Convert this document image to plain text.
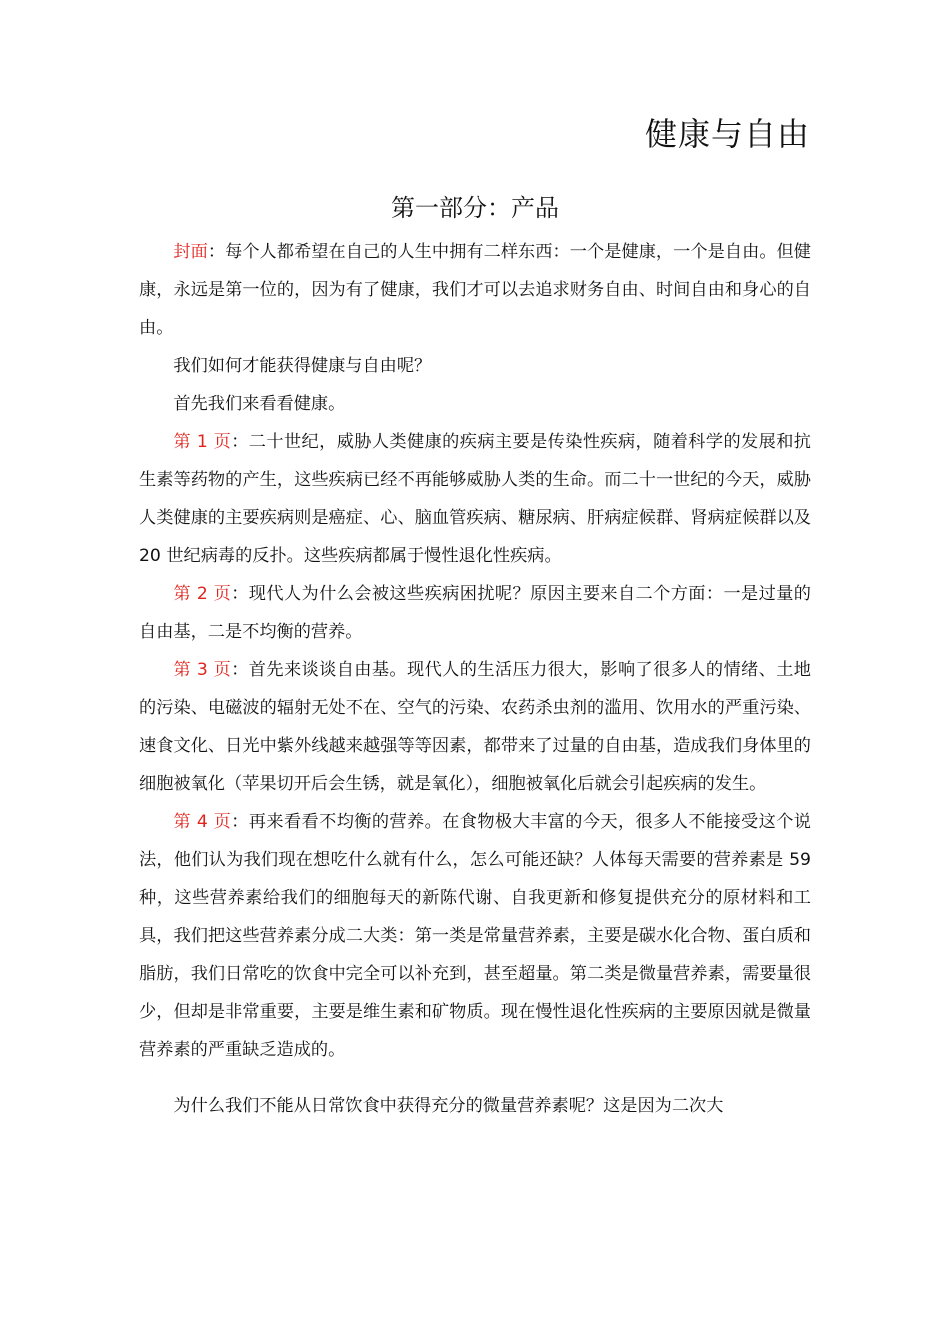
健康与自由
第一部分：产品

封面：每个人都希望在自己的人生中拥有二样东西：一个是健康，一个是自由。但健康，永远是第一位的，因为有了健康，我们才可以去追求财务自由、时间自由和身心的自由。

我们如何才能获得健康与自由呢？

首先我们来看看健康。

第 1 页：二十世纪，威胁人类健康的疾病主要是传染性疾病，随着科学的发展和抗生素等药物的产生，这些疾病已经不再能够威胁人类的生命。而二十一世纪的今天，威胁人类健康的主要疾病则是癌症、心、脑血管疾病、糖尿病、肝病症候群、肾病症候群以及 20 世纪病毒的反扑。这些疾病都属于慢性退化性疾病。

第 2 页：现代人为什么会被这些疾病困扰呢？原因主要来自二个方面：一是过量的自由基，二是不均衡的营养。

第 3 页：首先来谈谈自由基。现代人的生活压力很大，影响了很多人的情绪、土地的污染、电磁波的辐射无处不在、空气的污染、农药杀虫剂的滥用、饮用水的严重污染、速食文化、日光中紫外线越来越强等等因素，都带来了过量的自由基，造成我们身体里的细胞被氧化（苹果切开后会生锈，就是氧化），细胞被氧化后就会引起疾病的发生。

第 4 页：再来看看不均衡的营养。在食物极大丰富的今天，很多人不能接受这个说法，他们认为我们现在想吃什么就有什么，怎么可能还缺？人体每天需要的营养素是 59 种，这些营养素给我们的细胞每天的新陈代谢、自我更新和修复提供充分的原材料和工具，我们把这些营养素分成二大类：第一类是常量营养素，主要是碳水化合物、蛋白质和脂肪，我们日常吃的饮食中完全可以补充到，甚至超量。第二类是微量营养素，需要量很少，但却是非常重要，主要是维生素和矿物质。现在慢性退化性疾病的主要原因就是微量营养素的严重缺乏造成的。

为什么我们不能从日常饮食中获得充分的微量营养素呢？这是因为二次大
